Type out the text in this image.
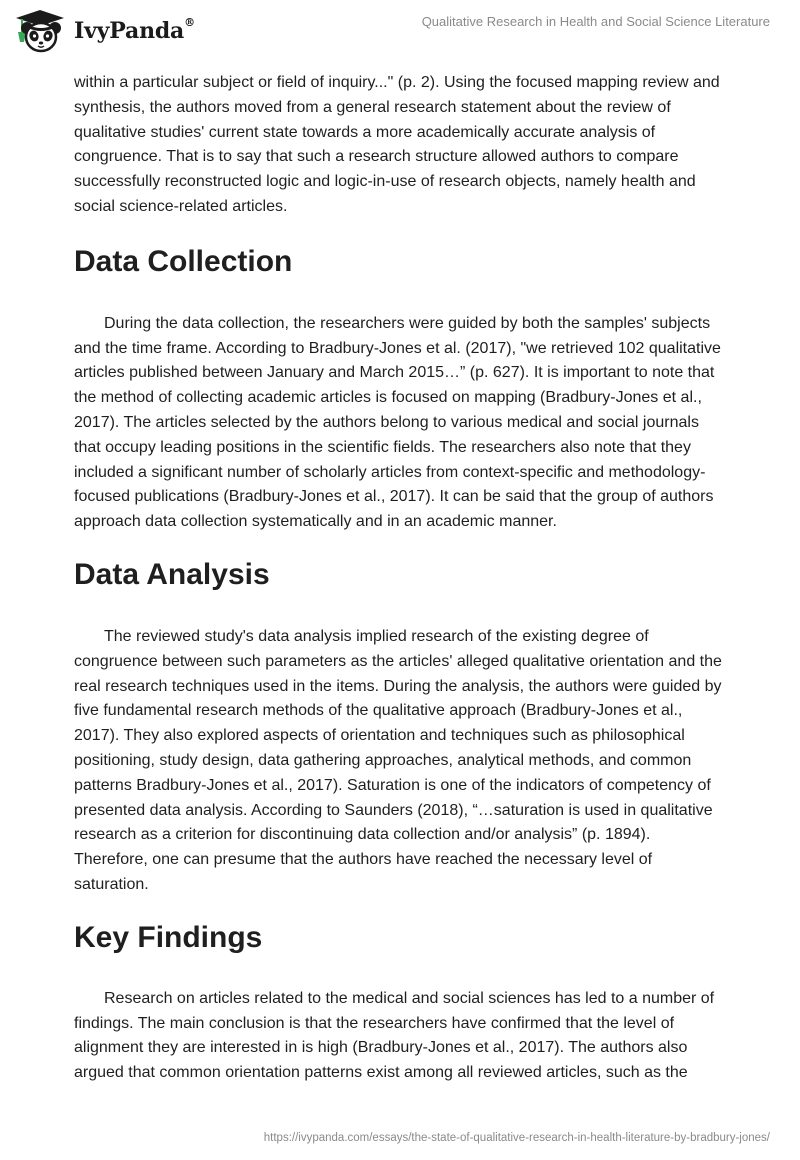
IvyPanda®	Qualitative Research in Health and Social Science Literature

within a particular subject or field of inquiry..." (p. 2). Using the focused mapping review and synthesis, the authors moved from a general research statement about the review of qualitative studies' current state towards a more academically accurate analysis of congruence. That is to say that such a research structure allowed authors to compare successfully reconstructed logic and logic-in-use of research objects, namely health and social science-related articles.

Data Collection

During the data collection, the researchers were guided by both the samples' subjects and the time frame. According to Bradbury-Jones et al. (2017), "we retrieved 102 qualitative articles published between January and March 2015…” (p. 627). It is important to note that the method of collecting academic articles is focused on mapping (Bradbury-Jones et al., 2017). The articles selected by the authors belong to various medical and social journals that occupy leading positions in the scientific fields. The researchers also note that they included a significant number of scholarly articles from context-specific and methodology-focused publications (Bradbury-Jones et al., 2017). It can be said that the group of authors approach data collection systematically and in an academic manner.

Data Analysis

The reviewed study's data analysis implied research of the existing degree of congruence between such parameters as the articles' alleged qualitative orientation and the real research techniques used in the items. During the analysis, the authors were guided by five fundamental research methods of the qualitative approach (Bradbury-Jones et al., 2017). They also explored aspects of orientation and techniques such as philosophical positioning, study design, data gathering approaches, analytical methods, and common patterns Bradbury-Jones et al., 2017). Saturation is one of the indicators of competency of presented data analysis. According to Saunders (2018), “…saturation is used in qualitative research as a criterion for discontinuing data collection and/or analysis” (p. 1894). Therefore, one can presume that the authors have reached the necessary level of saturation.

Key Findings

Research on articles related to the medical and social sciences has led to a number of findings. The main conclusion is that the researchers have confirmed that the level of alignment they are interested in is high (Bradbury-Jones et al., 2017). The authors also argued that common orientation patterns exist among all reviewed articles, such as the

https://ivypanda.com/essays/the-state-of-qualitative-research-in-health-literature-by-bradbury-jones/
